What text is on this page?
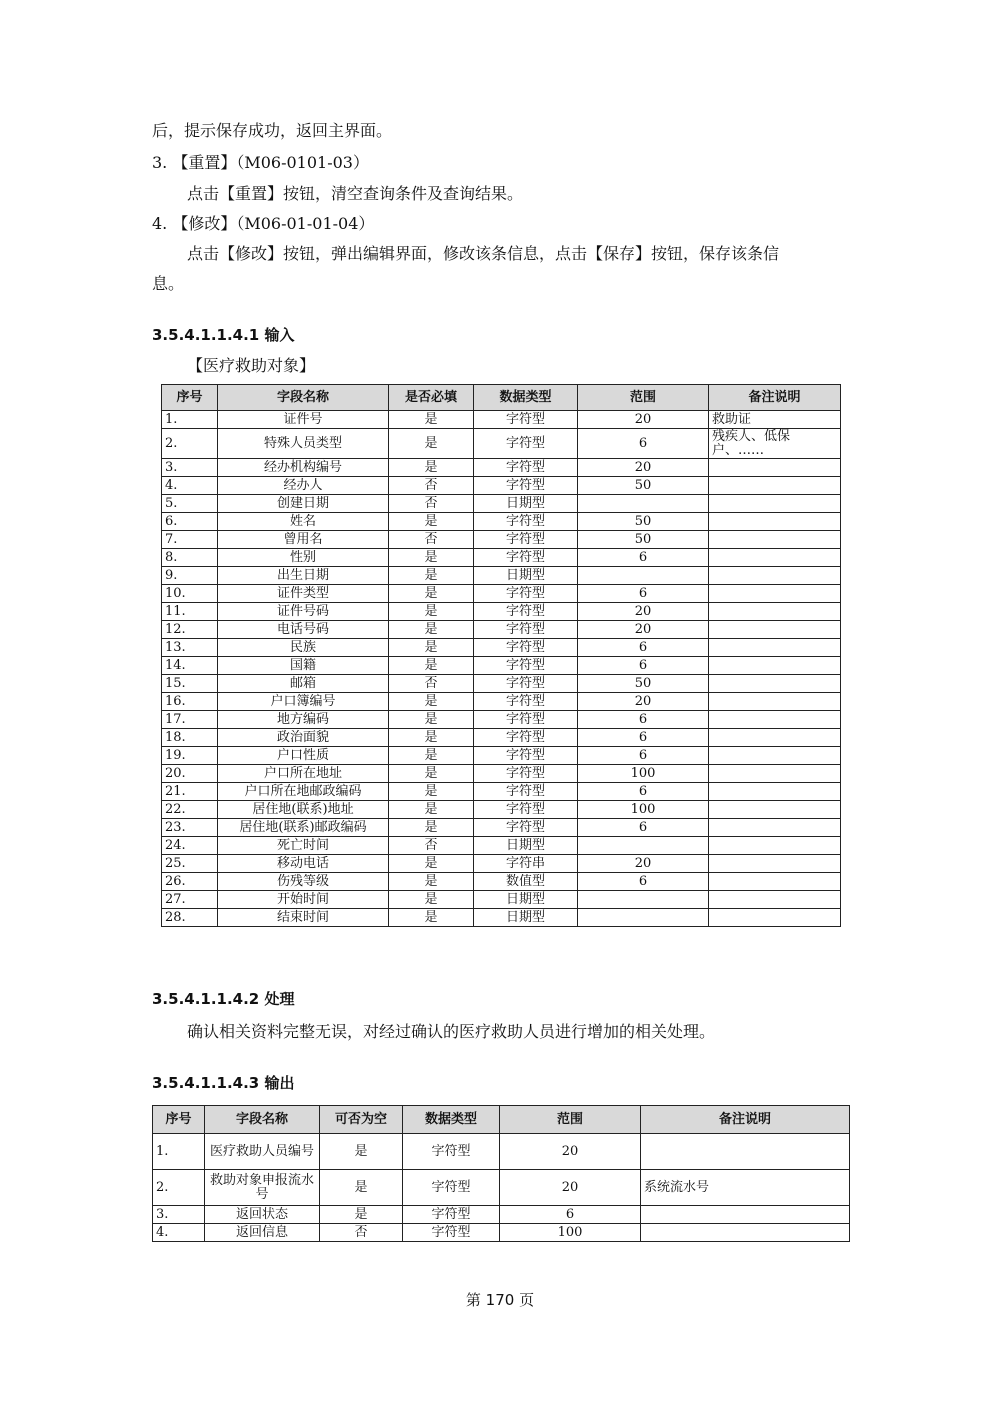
后，提示保存成功，返回主界面。
3. 【重置】（M06-0101-03）
点击【重置】按钮，清空查询条件及查询结果。
4. 【修改】（M06-01-01-04）
点击【修改】按钮，弹出编辑界面，修改该条信息，点击【保存】按钮，保存该条信
息。
3.5.4.1.1.4.1 输入
【医疗救助对象】
序号	字段名称	是否必填	数据类型	范围	备注说明
1.	证件号	是	字符型	20	救助证
2.	特殊人员类型	是	字符型	6	残疾人、低保户、……
3.	经办机构编号	是	字符型	20	
4.	经办人	否	字符型	50	
5.	创建日期	否	日期型		
6.	姓名	是	字符型	50	
7.	曾用名	否	字符型	50	
8.	性别	是	字符型	6	
9.	出生日期	是	日期型		
10.	证件类型	是	字符型	6	
11.	证件号码	是	字符型	20	
12.	电话号码	是	字符型	20	
13.	民族	是	字符型	6	
14.	国籍	是	字符型	6	
15.	邮箱	否	字符型	50	
16.	户口簿编号	是	字符型	20	
17.	地方编码	是	字符型	6	
18.	政治面貌	是	字符型	6	
19.	户口性质	是	字符型	6	
20.	户口所在地址	是	字符型	100	
21.	户口所在地邮政编码	是	字符型	6	
22.	居住地(联系)地址	是	字符型	100	
23.	居住地(联系)邮政编码	是	字符型	6	
24.	死亡时间	否	日期型		
25.	移动电话	是	字符串	20	
26.	伤残等级	是	数值型	6	
27.	开始时间	是	日期型		
28.	结束时间	是	日期型		
3.5.4.1.1.4.2 处理
确认相关资料完整无误，对经过确认的医疗救助人员进行增加的相关处理。
3.5.4.1.1.4.3 输出
序号	字段名称	可否为空	数据类型	范围	备注说明
1.	医疗救助人员编号	是	字符型	20	
2.	救助对象申报流水号	是	字符型	20	系统流水号
3.	返回状态	是	字符型	6	
4.	返回信息	否	字符型	100	
第 170 页
